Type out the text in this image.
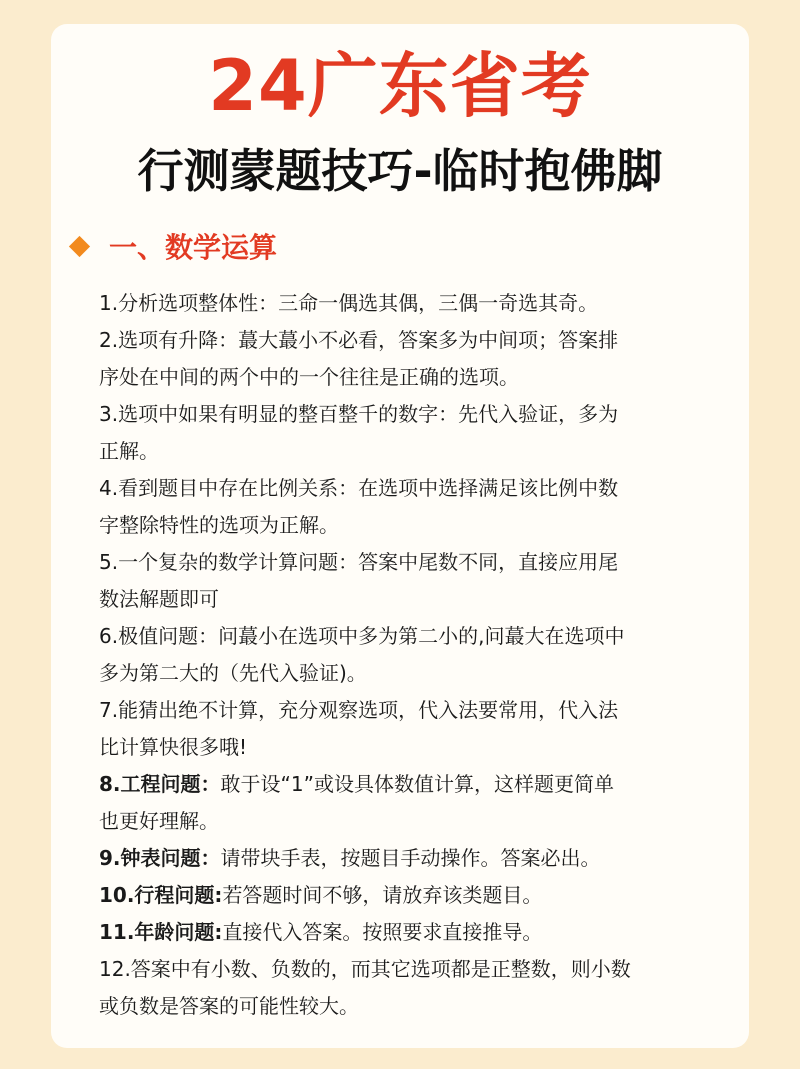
24广东省考
行测蒙题技巧-临时抱佛脚
一、数学运算
1.分析选项整体性：三命一偶选其偶，三偶一奇选其奇。
2.选项有升降：蕞大蕞小不必看，答案多为中间项；答案排
序处在中间的两个中的一个往往是正确的选项。
3.选项中如果有明显的整百整千的数字：先代入验证，多为
正解。
4.看到题目中存在比例关系：在选项中选择满足该比例中数
字整除特性的选项为正解。
5.一个复杂的数学计算问题：答案中尾数不同，直接应用尾
数法解题即可
6.极值问题：问蕞小在选项中多为第二小的,问蕞大在选项中
多为第二大的（先代入验证)。
7.能猜出绝不计算，充分观察选项，代入法要常用，代入法
比计算快很多哦!
8.工程问题：敢于设“1”或设具体数值计算，这样题更简单
也更好理解。
9.钟表问题：请带块手表，按题目手动操作。答案必出。
10.行程问题:若答题时间不够，请放弃该类题目。
11.年龄问题:直接代入答案。按照要求直接推导。
12.答案中有小数、负数的，而其它选项都是正整数，则小数
或负数是答案的可能性较大。
